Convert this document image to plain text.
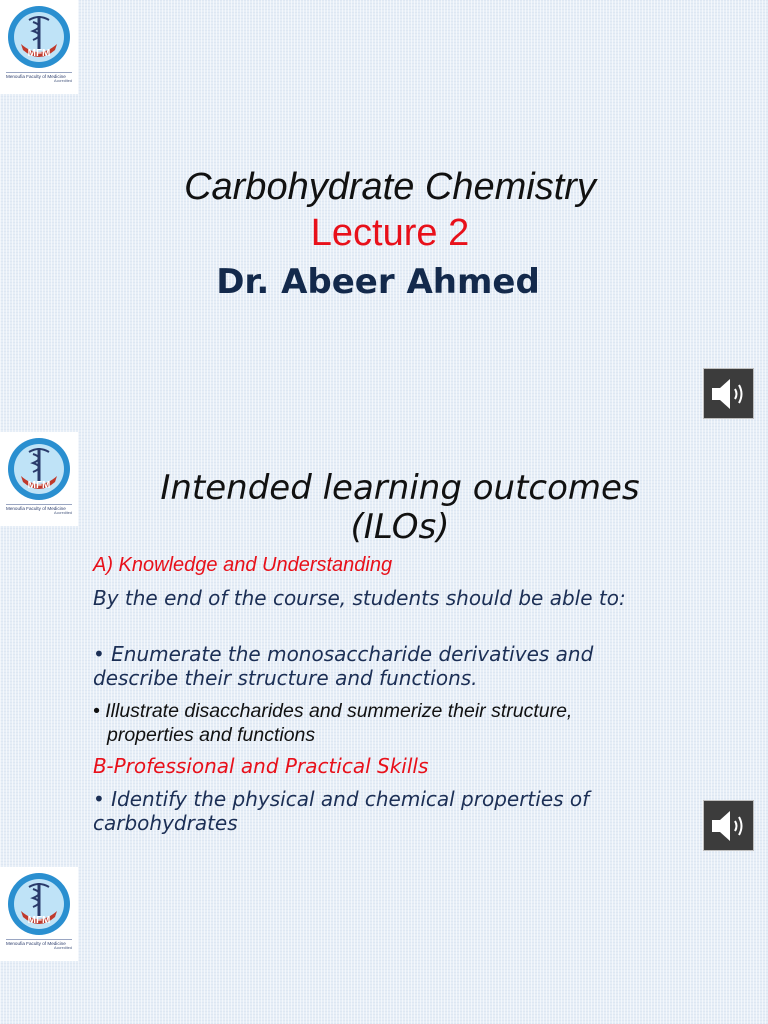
MFM
Menoufia Faculty of Medicine
Accredited
Carbohydrate Chemistry
Lecture 2
Dr. Abeer Ahmed
MFM
Menoufia Faculty of Medicine
Accredited
Intended learning outcomes
(ILOs)
A) Knowledge and Understanding
By the end of the course, students should be able to:
• Enumerate the monosaccharide derivatives and describe their structure and functions.
• Illustrate disaccharides and summerize their structure,
properties and functions
B-Professional and Practical Skills
• Identify the physical and chemical properties of carbohydrates
MFM
Menoufia Faculty of Medicine
Accredited
